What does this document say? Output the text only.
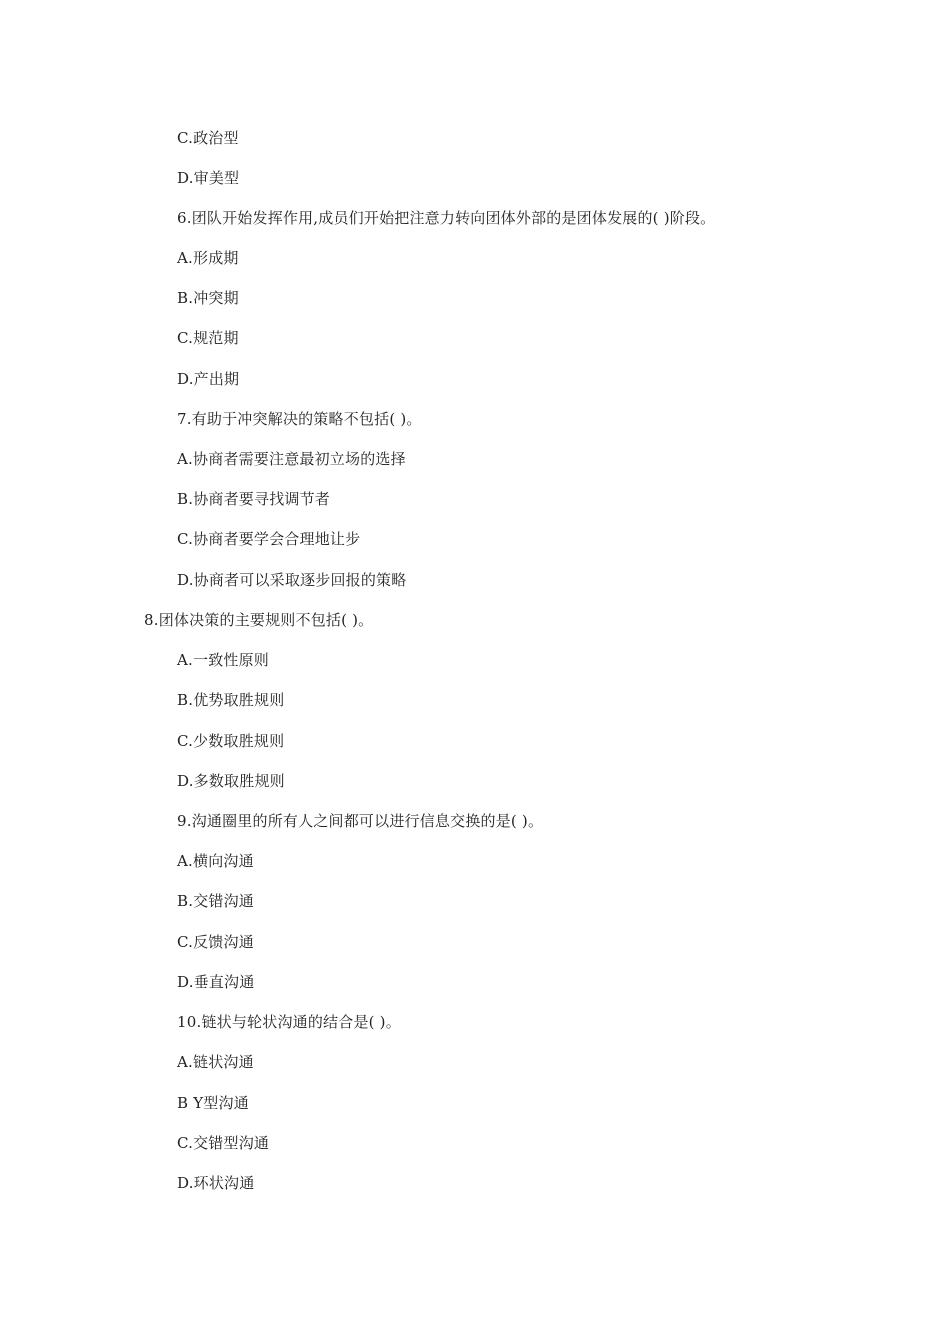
C.政治型
D.审美型
6.团队开始发挥作用,成员们开始把注意力转向团体外部的是团体发展的( )阶段。
A.形成期
B.冲突期
C.规范期
D.产出期
7.有助于冲突解决的策略不包括( )。
A.协商者需要注意最初立场的选择
B.协商者要寻找调节者
C.协商者要学会合理地让步
D.协商者可以采取逐步回报的策略
8.团体决策的主要规则不包括( )。
A.一致性原则
B.优势取胜规则
C.少数取胜规则
D.多数取胜规则
9.沟通圈里的所有人之间都可以进行信息交换的是( )。
A.横向沟通
B.交错沟通
C.反馈沟通
D.垂直沟通
10.链状与轮状沟通的结合是( )。
A.链状沟通
B Y型沟通
C.交错型沟通
D.环状沟通
